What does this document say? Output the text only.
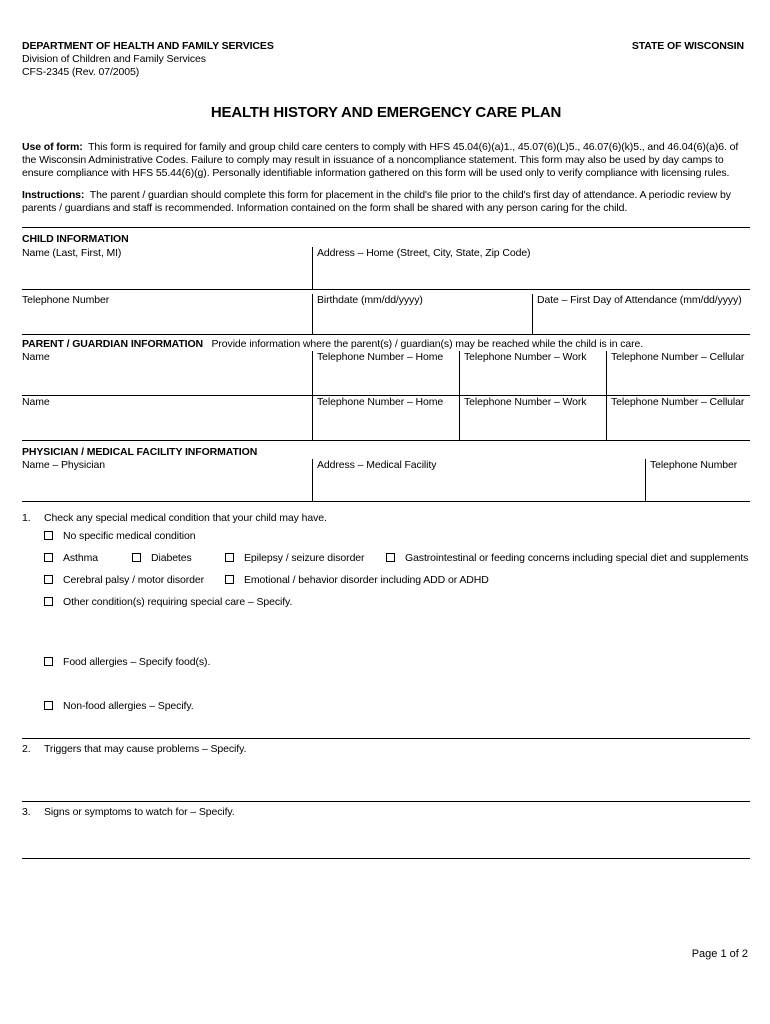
DEPARTMENT OF HEALTH AND FAMILY SERVICES
Division of Children and Family Services
CFS-2345 (Rev. 07/2005)
STATE OF WISCONSIN
HEALTH HISTORY AND EMERGENCY CARE PLAN
Use of form: This form is required for family and group child care centers to comply with HFS 45.04(6)(a)1., 45.07(6)(L)5., 46.07(6)(k)5., and 46.04(6)(a)6. of the Wisconsin Administrative Codes. Failure to comply may result in issuance of a noncompliance statement. This form may also be used by day camps to ensure compliance with HFS 55.44(6)(g). Personally identifiable information gathered on this form will be used only to verify compliance with licensing rules.
Instructions: The parent / guardian should complete this form for placement in the child's file prior to the child's first day of attendance. A periodic review by parents / guardians and staff is recommended. Information contained on the form shall be shared with any person caring for the child.
CHILD INFORMATION
Name (Last, First, MI)	Address – Home (Street, City, State, Zip Code)
Telephone Number	Birthdate (mm/dd/yyyy)	Date – First Day of Attendance (mm/dd/yyyy)
PARENT / GUARDIAN INFORMATION Provide information where the parent(s) / guardian(s) may be reached while the child is in care.
Name	Telephone Number – Home	Telephone Number – Work	Telephone Number – Cellular
Name	Telephone Number – Home	Telephone Number – Work	Telephone Number – Cellular
PHYSICIAN / MEDICAL FACILITY INFORMATION
Name – Physician	Address – Medical Facility	Telephone Number
1. Check any special medical condition that your child may have.
No specific medical condition
Asthma	Diabetes	Epilepsy / seizure disorder	Gastrointestinal or feeding concerns including special diet and supplements
Cerebral palsy / motor disorder	Emotional / behavior disorder including ADD or ADHD
Other condition(s) requiring special care – Specify.
Food allergies – Specify food(s).
Non-food allergies – Specify.
2. Triggers that may cause problems – Specify.
3. Signs or symptoms to watch for – Specify.
Page 1 of 2
